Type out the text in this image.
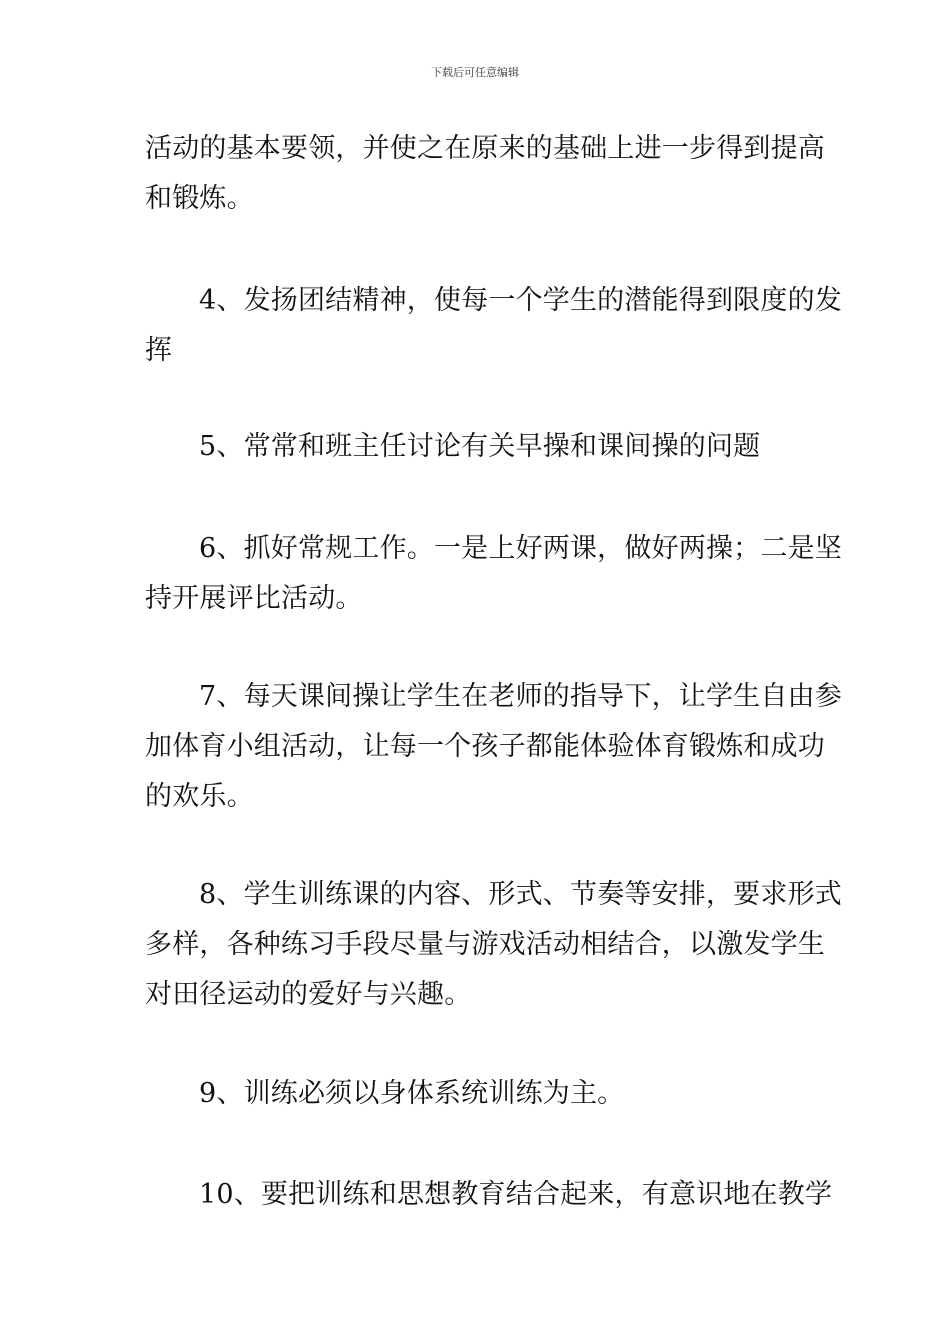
下载后可任意编辑
活动的基本要领，并使之在原来的基础上进一步得到提高
和锻炼。
4、发扬团结精神，使每一个学生的潜能得到限度的发
挥
5、常常和班主任讨论有关早操和课间操的问题
6、抓好常规工作。一是上好两课，做好两操；二是坚
持开展评比活动。
7、每天课间操让学生在老师的指导下，让学生自由参
加体育小组活动，让每一个孩子都能体验体育锻炼和成功
的欢乐。
8、学生训练课的内容、形式、节奏等安排，要求形式
多样，各种练习手段尽量与游戏活动相结合，以激发学生
对田径运动的爱好与兴趣。
9、训练必须以身体系统训练为主。
10、要把训练和思想教育结合起来，有意识地在教学
